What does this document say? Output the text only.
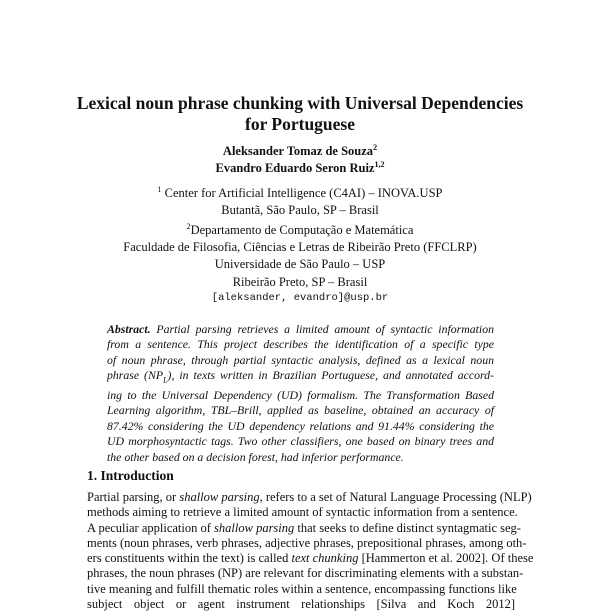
Lexical noun phrase chunking with Universal Dependencies
for Portuguese
Aleksander Tomaz de Souza$^2$
Evandro Eduardo Seron Ruiz$^{1,2}$
$^1$ Center for Artificial Intelligence (C4AI) – INOVA.USP
Butantã, São Paulo, SP – Brasil
$^2$Departamento de Computação e Matemática
Faculdade de Filosofia, Ciências e Letras de Ribeirão Preto (FFCLRP)
Universidade de São Paulo – USP
Ribeirão Preto, SP – Brasil
[aleksander, evandro]@usp.br
Abstract. Partial parsing retrieves a limited amount of syntactic information
from a sentence. This project describes the identification of a specific type
of noun phrase, through partial syntactic analysis, defined as a lexical noun
phrase $(NP_L)$, in texts written in Brazilian Portuguese, and annotated accord-
ing to the Universal Dependency (UD) formalism. The Transformation Based
Learning algorithm, TBL–Brill, applied as baseline, obtained an accuracy of
87.42% considering the UD dependency relations and 91.44% considering the
UD morphosyntactic tags. Two other classifiers, one based on binary trees and
the other based on a decision forest, had inferior performance.
1. Introduction
Partial parsing, or shallow parsing, refers to a set of Natural Language Processing (NLP)
methods aiming to retrieve a limited amount of syntactic information from a sentence.
A peculiar application of shallow parsing that seeks to define distinct syntagmatic seg-
ments (noun phrases, verb phrases, adjective phrases, prepositional phrases, among oth-
ers constituents within the text) is called text chunking [Hammerton et al. 2002]. Of these
phrases, the noun phrases (NP) are relevant for discriminating elements with a substan-
tive meaning and fulfill thematic roles within a sentence, encompassing functions like
subject object or agent instrument relationships [Silva and Koch 2012]
